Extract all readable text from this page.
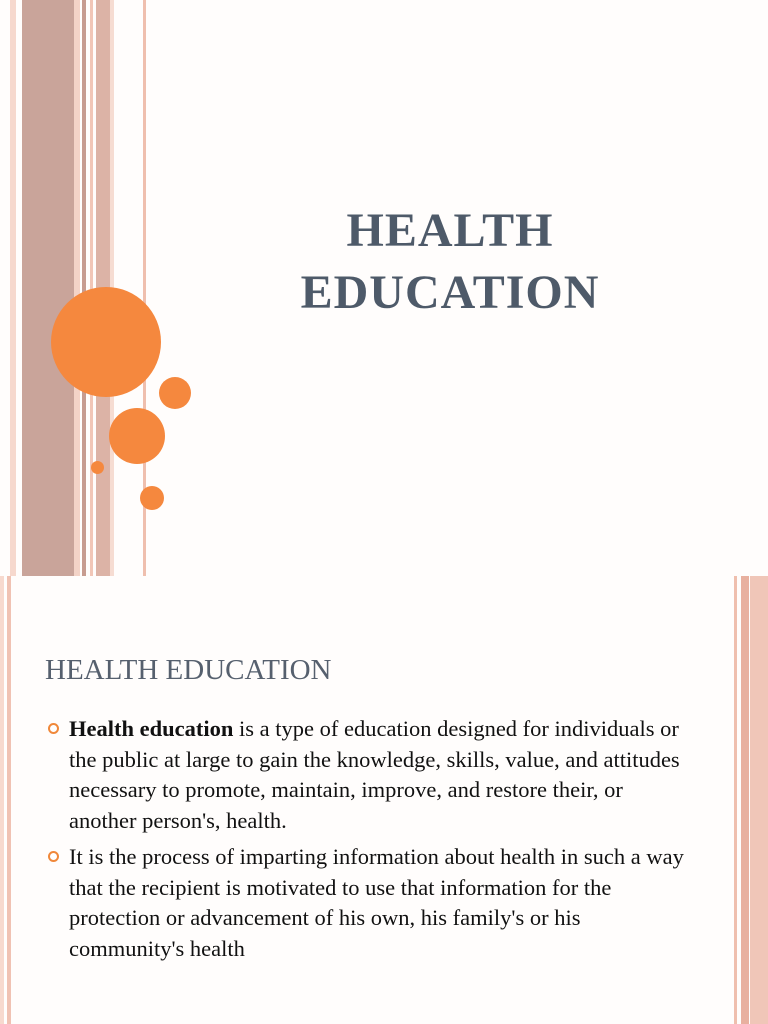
HEALTH
EDUCATION
HEALTH EDUCATION
Health education is a type of education designed for individuals or the public at large to gain the knowledge, skills, value, and attitudes necessary to promote, maintain, improve, and restore their, or another person's, health.
It is the process of imparting information about health in such a way that the recipient is motivated to use that information for the protection or advancement of his own, his family's or his community's health
